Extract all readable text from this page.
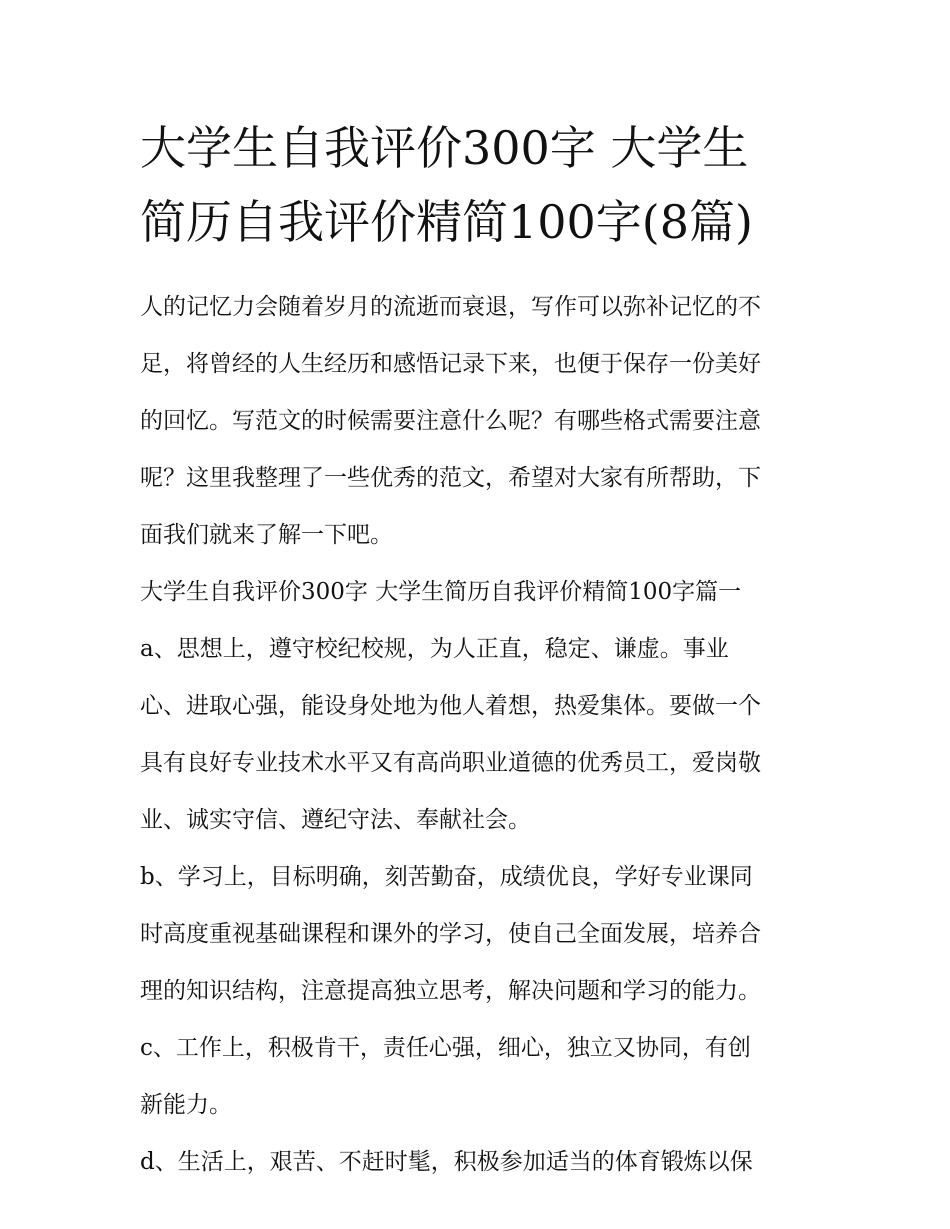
大学生自我评价300字 大学生
简历自我评价精简100字(8篇)
人的记忆力会随着岁月的流逝而衰退，写作可以弥补记忆的不
足，将曾经的人生经历和感悟记录下来，也便于保存一份美好
的回忆。写范文的时候需要注意什么呢？有哪些格式需要注意
呢？这里我整理了一些优秀的范文，希望对大家有所帮助，下
面我们就来了解一下吧。
大学生自我评价300字 大学生简历自我评价精简100字篇一
a、思想上，遵守校纪校规，为人正直，稳定、谦虚。事业
心、进取心强，能设身处地为他人着想，热爱集体。要做一个
具有良好专业技术水平又有高尚职业道德的优秀员工，爱岗敬
业、诚实守信、遵纪守法、奉献社会。
b、学习上，目标明确，刻苦勤奋，成绩优良，学好专业课同
时高度重视基础课程和课外的学习，使自己全面发展，培养合
理的知识结构，注意提高独立思考，解决问题和学习的能力。
c、工作上，积极肯干，责任心强，细心，独立又协同，有创
新能力。
d、生活上，艰苦、不赶时髦，积极参加适当的体育锻炼以保
